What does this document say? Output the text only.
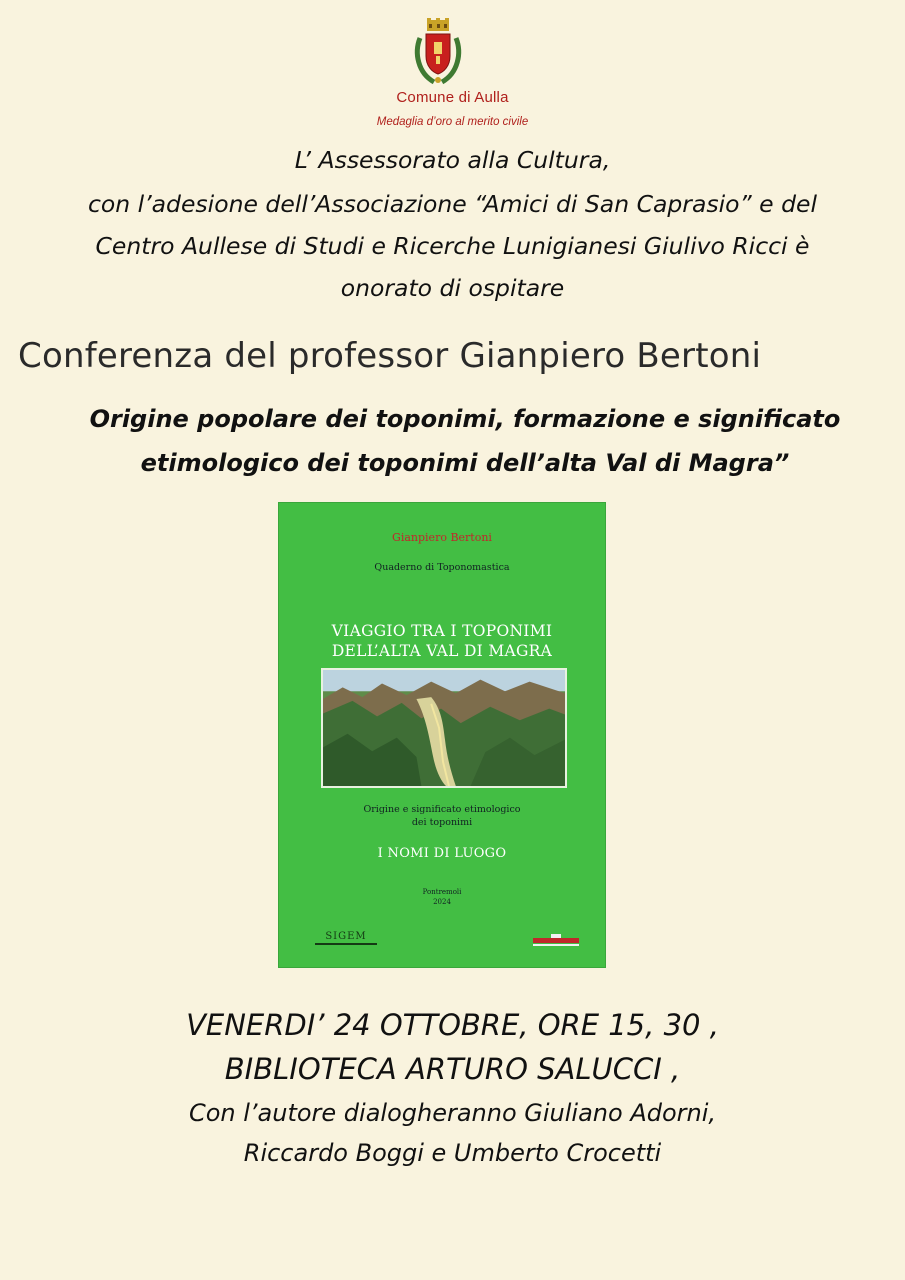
Comune di Aulla
Medaglia d’oro al merito civile
L’ Assessorato alla Cultura,
con l’adesione dell’Associazione “Amici di San Caprasio” e del
Centro Aullese di Studi e Ricerche Lunigianesi Giulivo Ricci è
onorato di ospitare
Conferenza del professor Gianpiero Bertoni
Origine popolare dei toponimi, formazione e significato
etimologico dei toponimi dell’alta Val di Magra”
Gianpiero Bertoni
Quaderno di Toponomastica
VIAGGIO TRA I TOPONIMI
DELL’ALTA VAL DI MAGRA
Origine e significato etimologico
dei toponimi
I NOMI DI LUOGO
Pontremoli
2024
SIGEM
VENERDI’ 24 OTTOBRE, ORE 15, 30 ,
BIBLIOTECA ARTURO SALUCCI ,
Con l’autore dialogheranno Giuliano Adorni,
Riccardo Boggi e Umberto Crocetti
